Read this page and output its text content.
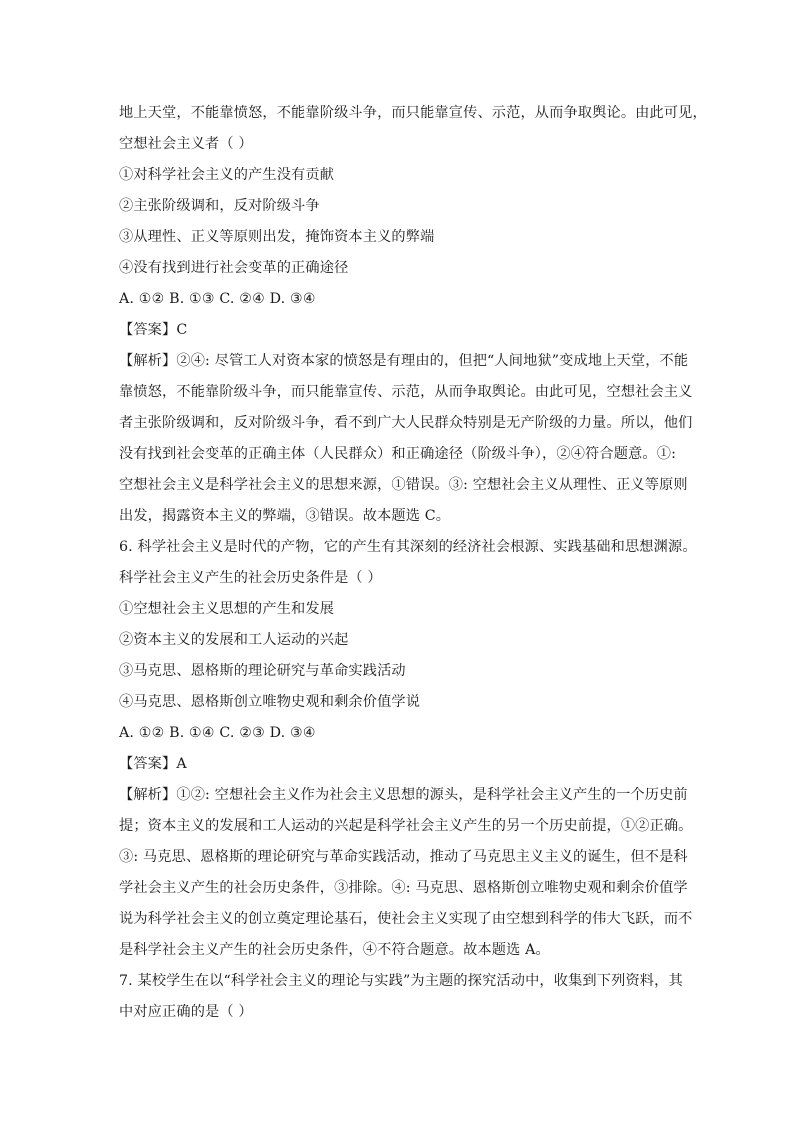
地上天堂，不能靠愤怒，不能靠阶级斗争，而只能靠宣传、示范，从而争取舆论。由此可见，
空想社会主义者（ ）
①对科学社会主义的产生没有贡献
②主张阶级调和，反对阶级斗争
③从理性、正义等原则出发，掩饰资本主义的弊端
④没有找到进行社会变革的正确途径
A. ①② B. ①③ C. ②④ D. ③④
【答案】C
【解析】②④: 尽管工人对资本家的愤怒是有理由的，但把“人间地狱”变成地上天堂，不能
靠愤怒，不能靠阶级斗争，而只能靠宣传、示范，从而争取舆论。由此可见，空想社会主义
者主张阶级调和，反对阶级斗争，看不到广大人民群众特别是无产阶级的力量。所以，他们
没有找到社会变革的正确主体（人民群众）和正确途径（阶级斗争），②④符合题意。①:
空想社会主义是科学社会主义的思想来源，①错误。③: 空想社会主义从理性、正义等原则
出发，揭露资本主义的弊端，③错误。故本题选 C。
6. 科学社会主义是时代的产物，它的产生有其深刻的经济社会根源、实践基础和思想渊源。
科学社会主义产生的社会历史条件是（ ）
①空想社会主义思想的产生和发展
②资本主义的发展和工人运动的兴起
③马克思、恩格斯的理论研究与革命实践活动
④马克思、恩格斯创立唯物史观和剩余价值学说
A. ①② B. ①④ C. ②③ D. ③④
【答案】A
【解析】①②: 空想社会主义作为社会主义思想的源头，是科学社会主义产生的一个历史前
提；资本主义的发展和工人运动的兴起是科学社会主义产生的另一个历史前提，①②正确。
③: 马克思、恩格斯的理论研究与革命实践活动，推动了马克思主义主义的诞生，但不是科
学社会主义产生的社会历史条件，③排除。④: 马克思、恩格斯创立唯物史观和剩余价值学
说为科学社会主义的创立奠定理论基石，使社会主义实现了由空想到科学的伟大飞跃，而不
是科学社会主义产生的社会历史条件，④不符合题意。故本题选 A。
7. 某校学生在以“科学社会主义的理论与实践”为主题的探究活动中，收集到下列资料，其
中对应正确的是（ ）
